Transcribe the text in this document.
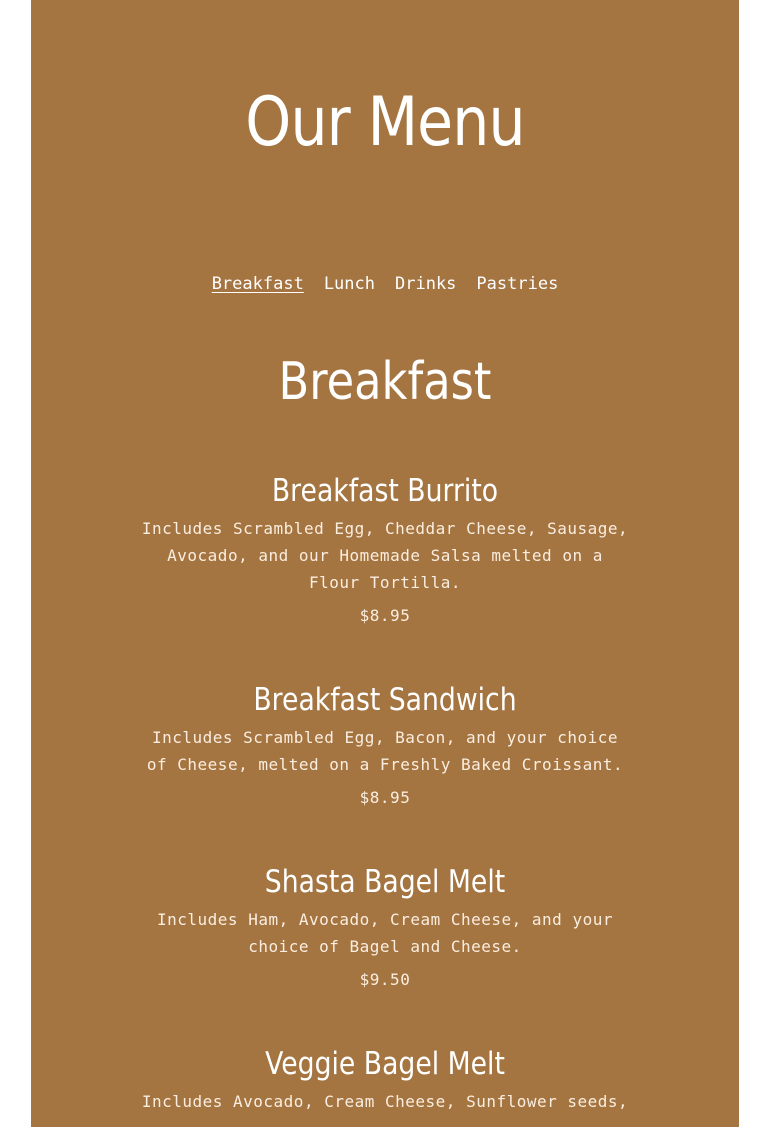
Our Menu
Breakfast Lunch Drinks Pastries
Breakfast
Breakfast Burrito
Includes Scrambled Egg, Cheddar Cheese, Sausage, Avocado, and our Homemade Salsa melted on a Flour Tortilla.
$8.95
Breakfast Sandwich
Includes Scrambled Egg, Bacon, and your choice of Cheese, melted on a Freshly Baked Croissant.
$8.95
Shasta Bagel Melt
Includes Ham, Avocado, Cream Cheese, and your choice of Bagel and Cheese.
$9.50
Veggie Bagel Melt
Includes Avocado, Cream Cheese, Sunflower seeds,
